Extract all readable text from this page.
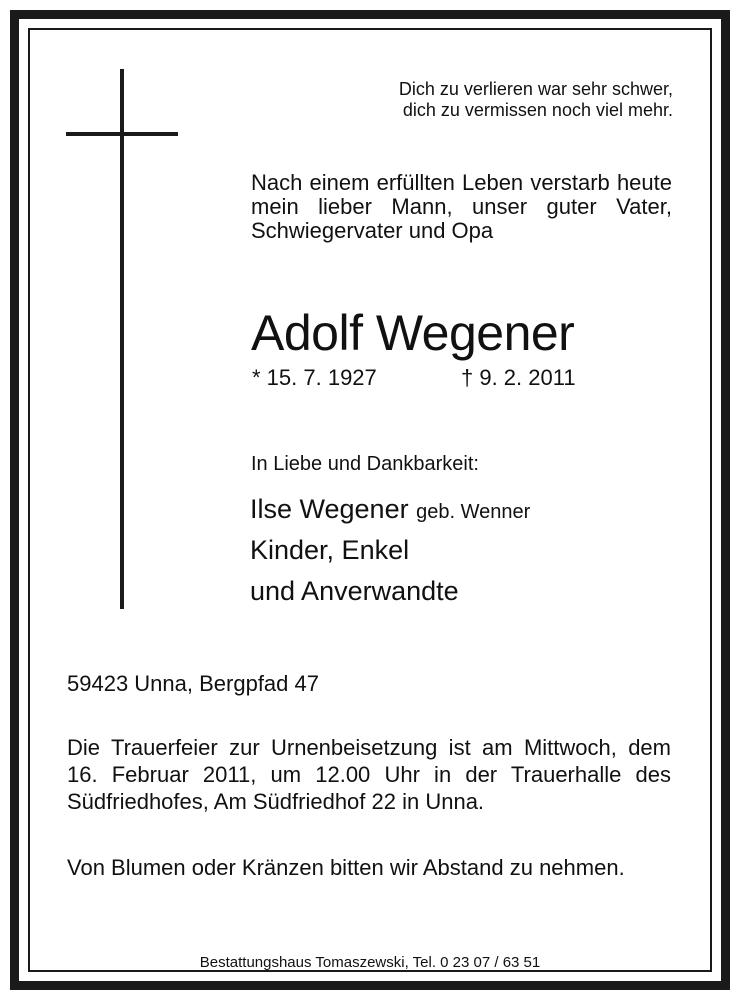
Dich zu verlieren war sehr schwer,
dich zu vermissen noch viel mehr.
Nach einem erfüllten Leben verstarb heute mein lieber Mann, unser guter Vater, Schwiegervater und Opa
Adolf Wegener
* 15. 7. 1927	† 9. 2. 2011
In Liebe und Dankbarkeit:
Ilse Wegener geb. Wenner
Kinder, Enkel
und Anverwandte
59423 Unna, Bergpfad 47
Die Trauerfeier zur Urnenbeisetzung ist am Mittwoch, dem 16. Februar 2011, um 12.00 Uhr in der Trauerhalle des Südfriedhofes, Am Südfriedhof 22 in Unna.
Von Blumen oder Kränzen bitten wir Abstand zu nehmen.
Bestattungshaus Tomaszewski, Tel. 0 23 07 / 63 51
